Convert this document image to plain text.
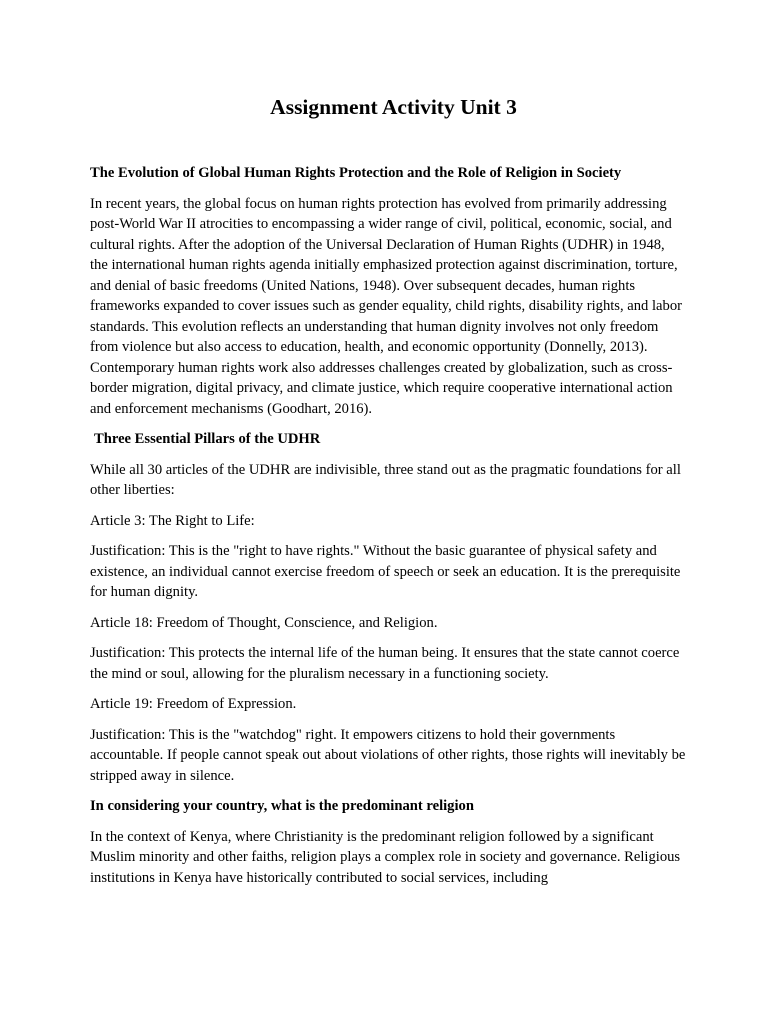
Assignment Activity Unit 3

The Evolution of Global Human Rights Protection and the Role of Religion in Society

In recent years, the global focus on human rights protection has evolved from primarily addressing post-World War II atrocities to encompassing a wider range of civil, political, economic, social, and cultural rights. After the adoption of the Universal Declaration of Human Rights (UDHR) in 1948, the international human rights agenda initially emphasized protection against discrimination, torture, and denial of basic freedoms (United Nations, 1948). Over subsequent decades, human rights frameworks expanded to cover issues such as gender equality, child rights, disability rights, and labor standards. This evolution reflects an understanding that human dignity involves not only freedom from violence but also access to education, health, and economic opportunity (Donnelly, 2013). Contemporary human rights work also addresses challenges created by globalization, such as cross-border migration, digital privacy, and climate justice, which require cooperative international action and enforcement mechanisms (Goodhart, 2016).

Three Essential Pillars of the UDHR

While all 30 articles of the UDHR are indivisible, three stand out as the pragmatic foundations for all other liberties:

Article 3: The Right to Life:

Justification: This is the "right to have rights." Without the basic guarantee of physical safety and existence, an individual cannot exercise freedom of speech or seek an education. It is the prerequisite for human dignity.

Article 18: Freedom of Thought, Conscience, and Religion.

Justification: This protects the internal life of the human being. It ensures that the state cannot coerce the mind or soul, allowing for the pluralism necessary in a functioning society.

Article 19: Freedom of Expression.

Justification: This is the "watchdog" right. It empowers citizens to hold their governments accountable. If people cannot speak out about violations of other rights, those rights will inevitably be stripped away in silence.

In considering your country, what is the predominant religion

In the context of Kenya, where Christianity is the predominant religion followed by a significant Muslim minority and other faiths, religion plays a complex role in society and governance. Religious institutions in Kenya have historically contributed to social services, including
